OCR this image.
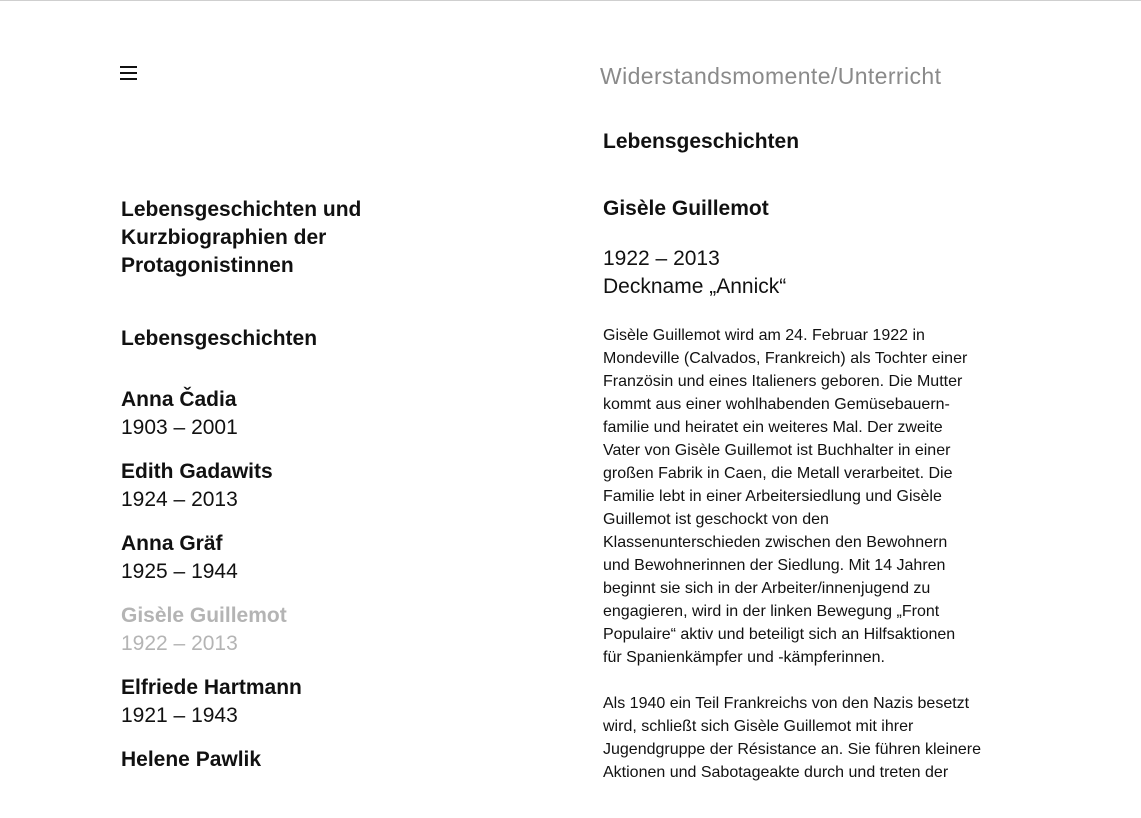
Widerstandsmomente/Unterricht
Lebensgeschichten und Kurzbiographien der Protagonistinnen
Lebensgeschichten
Anna Čadia
1903 – 2001
Edith Gadawits
1924 – 2013
Anna Gräf
1925 – 1944
Gisèle Guillemot
1922 – 2013
Elfriede Hartmann
1921 – 1943
Helene Pawlik
Lebensgeschichten
Gisèle Guillemot
1922 – 2013
Deckname „Annick“

Gisèle Guillemot wird am 24. Februar 1922 in
Mondeville (Calvados, Frankreich) als Tochter einer
Französin und eines Italieners geboren. Die Mutter
kommt aus einer wohlhabenden Gemüsebauern-
familie und heiratet ein weiteres Mal. Der zweite
Vater von Gisèle Guillemot ist Buchhalter in einer
großen Fabrik in Caen, die Metall verarbeitet. Die
Familie lebt in einer Arbeitersiedlung und Gisèle
Guillemot ist geschockt von den
Klassenunterschieden zwischen den Bewohnern
und Bewohnerinnen der Siedlung. Mit 14 Jahren
beginnt sie sich in der Arbeiter/innenjugend zu
engagieren, wird in der linken Bewegung „Front
Populaire“ aktiv und beteiligt sich an Hilfsaktionen
für Spanienkämpfer und -kämpferinnen.

Als 1940 ein Teil Frankreichs von den Nazis besetzt
wird, schließt sich Gisèle Guillemot mit ihrer
Jugendgruppe der Résistance an. Sie führen kleinere
Aktionen und Sabotageakte durch und treten der
